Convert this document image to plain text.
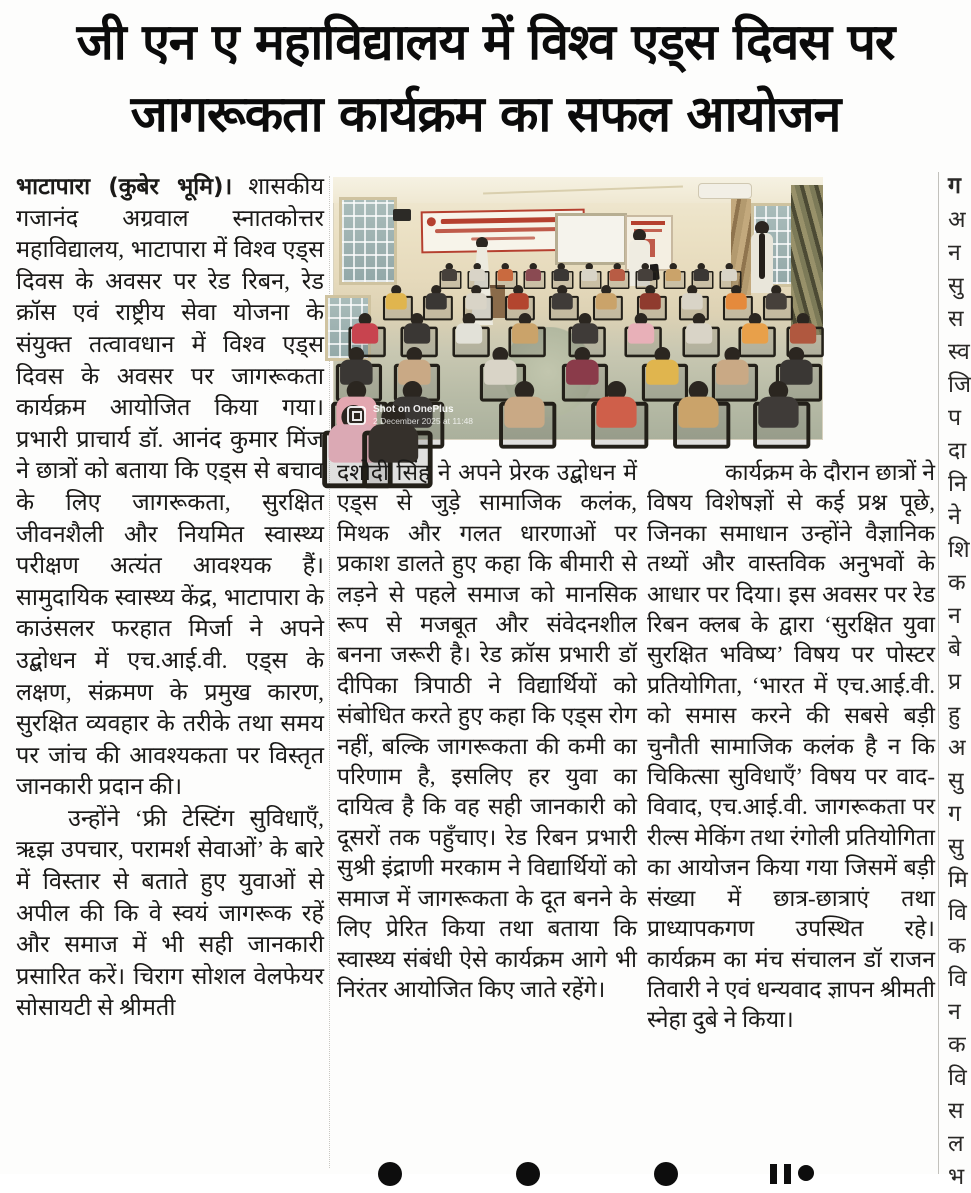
जी एन ए महाविद्यालय में विश्व एड्स दिवस पर
जागरूकता कार्यक्रम का सफल आयोजन

भाटापारा (कुबेर भूमि)। शासकीय गजानंद अग्रवाल स्नातकोत्तर महाविद्यालय, भाटापारा में विश्व एड्स दिवस के अवसर पर रेड रिबन, रेड क्रॉस एवं राष्ट्रीय सेवा योजना के संयुक्त तत्वावधान में विश्व एड्स दिवस के अवसर पर जागरूकता कार्यक्रम आयोजित किया गया। प्रभारी प्राचार्य डॉ. आनंद कुमार मिंज ने छात्रों को बताया कि एड्स से बचाव के लिए जागरूकता, सुरक्षित जीवनशैली और नियमित स्वास्थ्य परीक्षण अत्यंत आवश्यक हैं। सामुदायिक स्वास्थ्य केंद्र, भाटापारा के काउंसलर फरहात मिर्जा ने अपने उद्बोधन में एच.आई.वी. एड्स के लक्षण, संक्रमण के प्रमुख कारण, सुरक्षित व्यवहार के तरीके तथा समय पर जांच की आवश्यकता पर विस्तृत जानकारी प्रदान की।

उन्होंने ‘फ्री टेस्टिंग सुविधाएँ, ऋझ उपचार, परामर्श सेवाओं’ के बारे में विस्तार से बताते हुए युवाओं से अपील की कि वे स्वयं जागरूक रहें और समाज में भी सही जानकारी प्रसारित करें। चिराग सोशल वेलफेयर सोसायटी से श्रीमती

Shot on OnePlus
2 December 2025 at 11:48

दशोदी सिंह ने अपने प्रेरक उद्बोधन में एड्स से जुड़े सामाजिक कलंक, मिथक और गलत धारणाओं पर प्रकाश डालते हुए कहा कि बीमारी से लड़ने से पहले समाज को मानसिक रूप से मजबूत और संवेदनशील बनना जरूरी है। रेड क्रॉस प्रभारी डॉ दीपिका त्रिपाठी ने विद्यार्थियों को संबोधित करते हुए कहा कि एड्स रोग नहीं, बल्कि जागरूकता की कमी का परिणाम है, इसलिए हर युवा का दायित्व है कि वह सही जानकारी को दूसरों तक पहुँचाए। रेड रिबन प्रभारी सुश्री इंद्राणी मरकाम ने विद्यार्थियों को समाज में जागरूकता के दूत बनने के लिए प्रेरित किया तथा बताया कि स्वास्थ्य संबंधी ऐसे कार्यक्रम आगे भी निरंतर आयोजित किए जाते रहेंगे।

कार्यक्रम के दौरान छात्रों ने विषय विशेषज्ञों से कई प्रश्न पूछे, जिनका समाधान उन्होंने वैज्ञानिक तथ्यों और वास्तविक अनुभवों के आधार पर दिया। इस अवसर पर रेड रिबन क्लब के द्वारा ‘सुरक्षित युवा सुरक्षित भविष्य’ विषय पर पोस्टर प्रतियोगिता, ‘भारत में एच.आई.वी. को समास करने की सबसे बड़ी चुनौती सामाजिक कलंक है न कि चिकित्सा सुविधाएँ’ विषय पर वाद-विवाद, एच.आई.वी. जागरूकता पर रील्स मेकिंग तथा रंगोली प्रतियोगिता का आयोजन किया गया जिसमें बड़ी संख्या में छात्र-छात्राएं तथा प्राध्यापकगण उपस्थित रहे। कार्यक्रम का मंच संचालन डॉ राजन तिवारी ने एवं धन्यवाद ज्ञापन श्रीमती स्नेहा दुबे ने किया।

ग
अ
न
सु
स
स्व
जि
प
दा
नि
ने
शि
क
न
बे
प्र
हु
अ
सु
ग
सु
मि
वि
क
वि
न
क
वि
स
ल
भ
